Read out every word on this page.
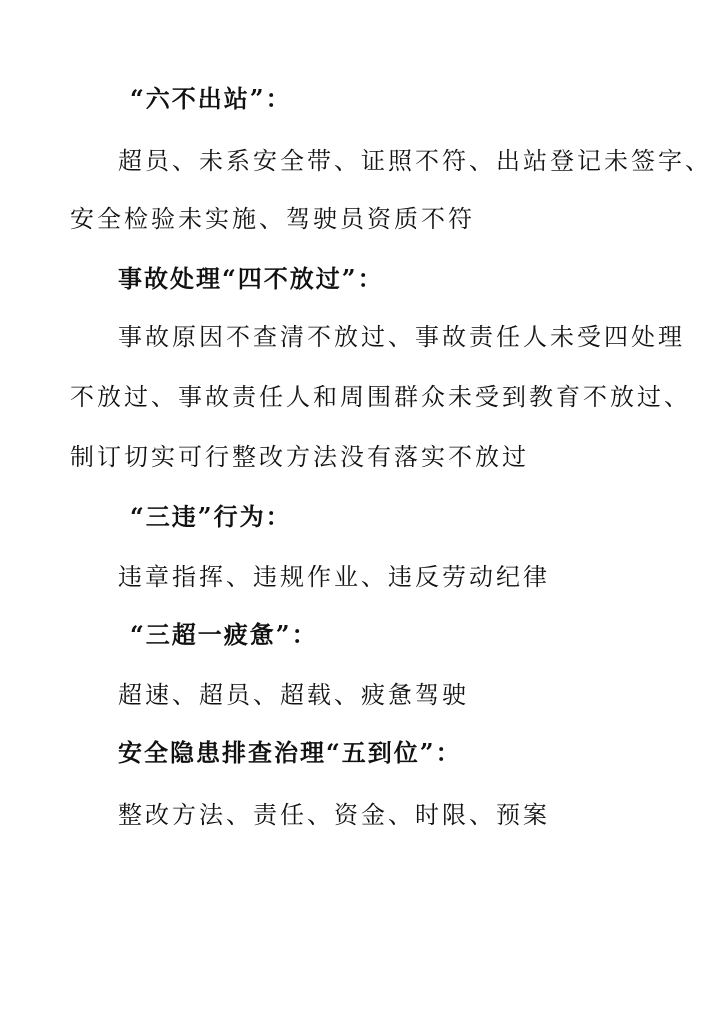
“六不出站”：
超员、未系安全带、证照不符、出站登记未签字、
安全检验未实施、驾驶员资质不符
事故处理“四不放过”：
事故原因不查清不放过、事故责任人未受四处理
不放过、事故责任人和周围群众未受到教育不放过、
制订切实可行整改方法没有落实不放过
“三违”行为：
违章指挥、违规作业、违反劳动纪律
“三超一疲惫”：
超速、超员、超载、疲惫驾驶
安全隐患排查治理“五到位”：
整改方法、责任、资金、时限、预案
